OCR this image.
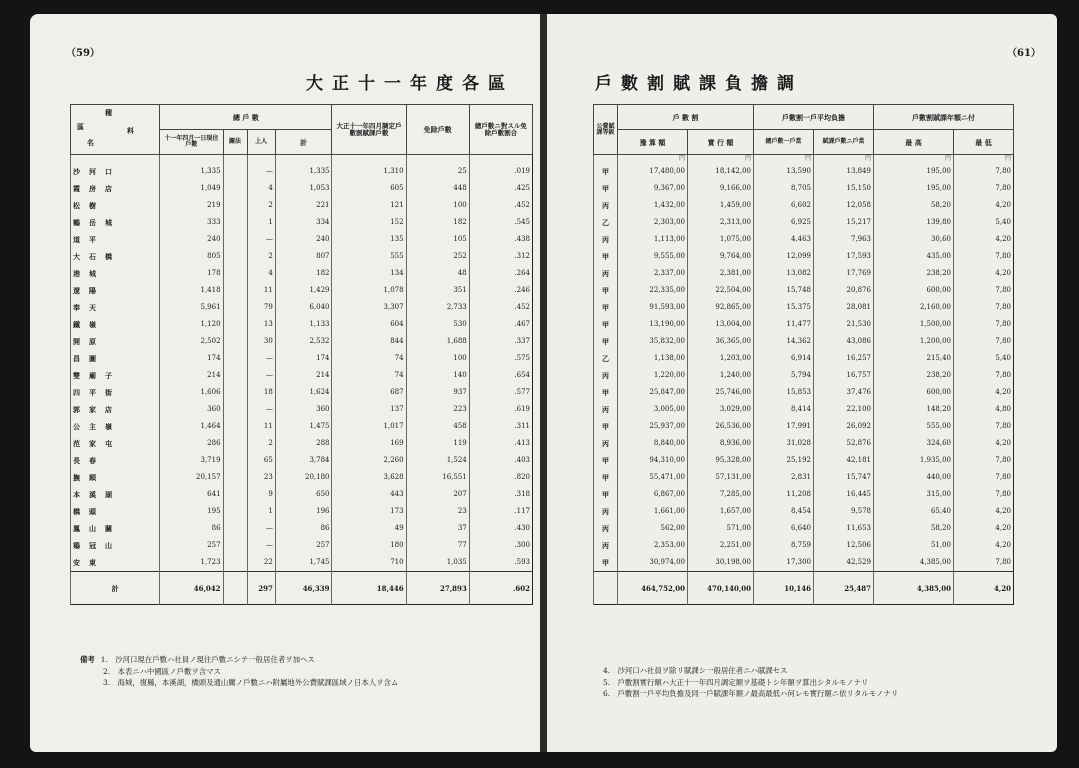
（59）
大正十一年度各區
種
區 料
名	總 戶 數				大正十一年四月調定戶數割賦課戶數	免除戶數	總戶數ニ對スル免除戶數割合
	十一年四月一日現住戶數	關法	上人	計			

沙河口	1,335		—	1,335	1,310	25	.019
霞房店	1,049		4	1,053	605	448	.425
松樹	219		2	221	121	100	.452
鶴岳城	333		1	334	152	182	.545
道平	240		—	240	135	105	.438
大石橋	805		2	807	555	252	.312
港城	178		4	182	134	48	.264
遼陽	1,418		11	1,429	1,078	351	.246
奉天	5,961		79	6,040	3,307	2,733	.452
鐵嶺	1,120		13	1,133	604	530	.467
開原	2,502		30	2,532	844	1,688	.337
昌圖	174		—	174	74	100	.575
雙廟子	214		—	214	74	140	.654
四平街	1,606		18	1,624	687	937	.577
郭家店	360		—	360	137	223	.619
公主嶺	1,464		11	1,475	1,017	458	.311
范家屯	286		2	288	169	119	.413
長春	3,719		65	3,784	2,260	1,524	.403
撫順	20,157		23	20,180	3,628	16,551	.820
本溪湖	641		9	650	443	207	.318
橋頭	195		1	196	173	23	.117
鳳山關	86		—	86	49	37	.430
鶏冠山	257		—	257	180	77	.300
安東	1,723		22	1,745	710	1,035	.593
計	46,042		297	46,339	18,446	27,893	.602
備考 1.　沙河口現在戶數ハ社員ノ現住戶數ニシテ一般居住者ヲ加ヘス
2.　本表ニハ中國區ノ戶數ヲ含マス
3.　海城，復縣，本溪湖，橋頭及通山關ノ戶數ニハ附屬地外公費賦課區域ノ日本人ヲ含ム
（61）
戶數割賦課負擔調
公費賦課等級	戶 數 割		戶數割一戶平均負擔		戶數割賦課年額ニ付	
	豫 算 額	實 行 額	總戶數一戶當	賦課戶數ニ戶當	最 高	最 低
	円	円	円	円	円	円
甲	17,480,00	18,142,00	13,590	13,849	195,00	7,80
甲	9,367,00	9,166,00	8,705	15,150	195,00	7,80
丙	1,432,00	1,459,00	6,602	12,058	58,20	4,20
乙	2,303,00	2,313,00	6,925	15,217	139,80	5,40
丙	1,113,00	1,075,00	4,463	7,963	30,60	4,20
甲	9,555,00	9,764,00	12,099	17,593	435,00	7,80
丙	2,337,00	2,381,00	13,082	17,769	238,20	4,20
甲	22,335,00	22,504,00	15,748	20,876	600,00	7,80
甲	91,593,00	92,865,00	15,375	28,081	2,160,00	7,80
甲	13,190,00	13,004,00	11,477	21,530	1,500,00	7,80
甲	35,832,00	36,365,00	14,362	43,086	1,200,00	7,80
乙	1,138,00	1,203,00	6,914	16,257	215,40	5,40
丙	1,220,00	1,240,00	5,794	16,757	238,20	7,80
甲	25,847,00	25,746,00	15,853	37,476	600,00	4,20
丙	3,005,00	3,029,00	8,414	22,100	148,20	4,80
甲	25,937,00	26,536,00	17,991	26,092	555,00	7,80
丙	8,840,00	8,936,00	31,028	52,876	324,60	4,20
甲	94,310,00	95,328,00	25,192	42,181	1,935,00	7,80
甲	55,471,00	57,131,00	2,831	15,747	440,00	7,80
甲	6,867,00	7,285,00	11,208	16,445	315,00	7,80
丙	1,661,00	1,657,00	8,454	9,578	65,40	4,20
丙	562,00	571,00	6,640	11,653	58,20	4,20
丙	2,353,00	2,251,00	8,759	12,506	51,00	4,20
甲	30,974,00	30,198,00	17,300	42,529	4,385,00	7,80
	464,752,00	470,140,00	10,146	25,487	4,385,00	4,20
4.　沙河口ハ社員ヲ除リ賦課シ一般居住者ニハ賦課セス
5.　戶數割實行額ハ大正十一年四月調定額ヲ基礎トシ年額ヲ算出シタルモノナリ
6.　戶數割一戶平均負擔及同一戶賦課年額ノ最高最低ハ何レモ實行額ニ依リタルモノナリ
